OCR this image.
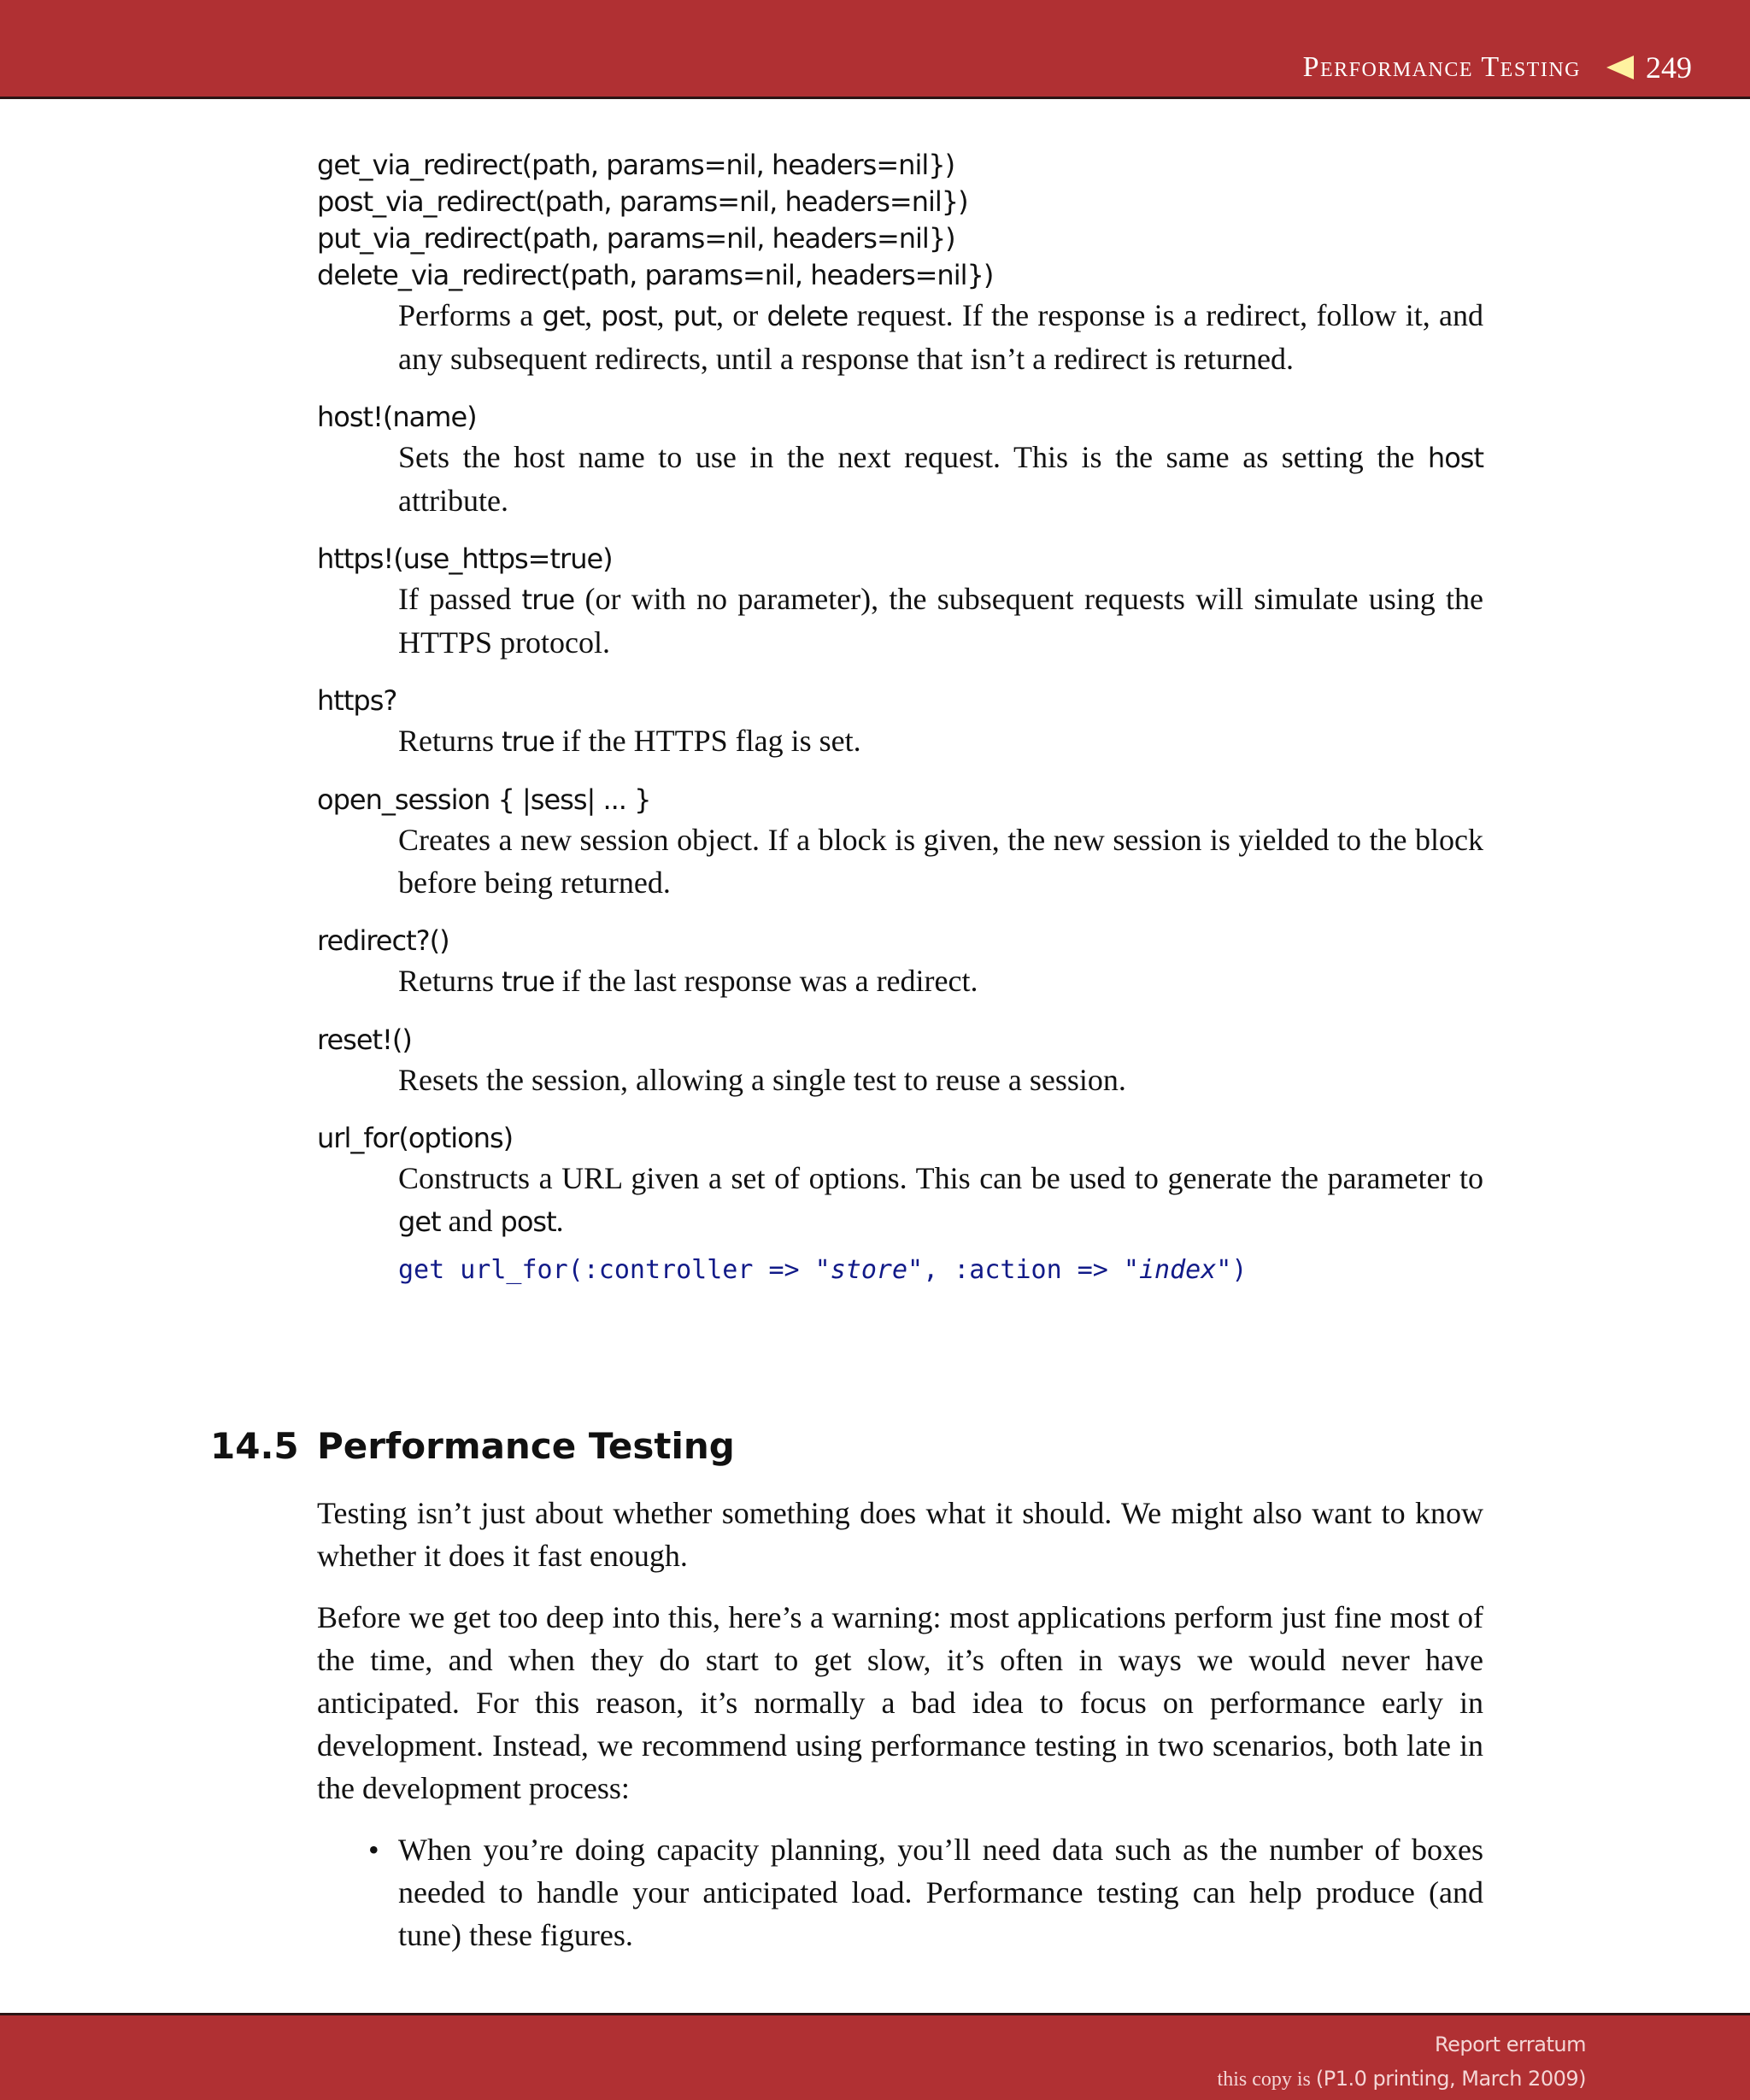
Performance Testing 249
get_via_redirect(path, params=nil, headers=nil})
post_via_redirect(path, params=nil, headers=nil})
put_via_redirect(path, params=nil, headers=nil})
delete_via_redirect(path, params=nil, headers=nil})
Performs a get, post, put, or delete request. If the response is a redirect, follow it, and any subsequent redirects, until a response that isn’t a redirect is returned.
host!(name)
Sets the host name to use in the next request. This is the same as setting the host attribute.
https!(use_https=true)
If passed true (or with no parameter), the subsequent requests will simulate using the HTTPS protocol.
https?
Returns true if the HTTPS flag is set.
open_session { |sess| ... }
Creates a new session object. If a block is given, the new session is yielded to the block before being returned.
redirect?()
Returns true if the last response was a redirect.
reset!()
Resets the session, allowing a single test to reuse a session.
url_for(options)
Constructs a URL given a set of options. This can be used to generate the parameter to get and post.
get url_for(:controller => "store", :action => "index")
14.5 Performance Testing

Testing isn’t just about whether something does what it should. We might also want to know whether it does it fast enough.

Before we get too deep into this, here’s a warning: most applications perform just fine most of the time, and when they do start to get slow, it’s often in ways we would never have anticipated. For this reason, it’s normally a bad idea to focus on performance early in development. Instead, we recommend using performance testing in two scenarios, both late in the development process:

• When you’re doing capacity planning, you’ll need data such as the number of boxes needed to handle your anticipated load. Performance testing can help produce (and tune) these figures.
Report erratum
this copy is (P1.0 printing, March 2009)
